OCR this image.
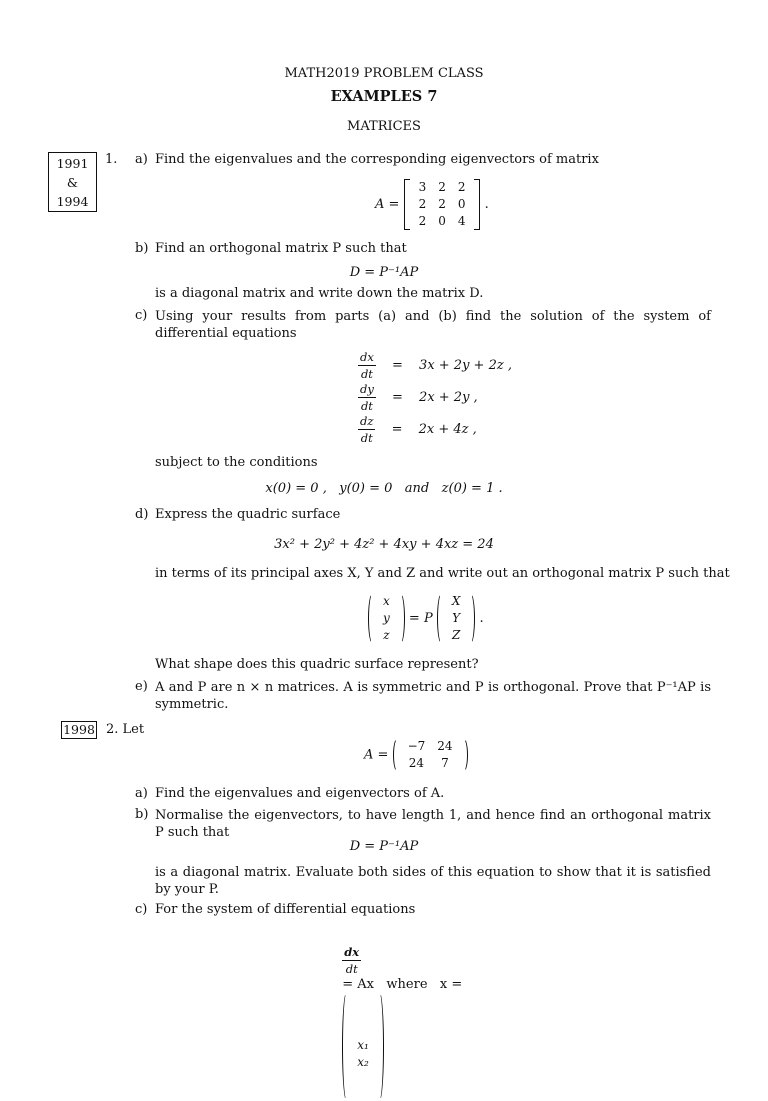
MATH2019 PROBLEM CLASS
EXAMPLES 7
MATRICES
1991
&
1994
1. a) Find the eigenvalues and the corresponding eigenvectors of matrix
A =
3	2	2
2	2	0
2	0	4
.
b) Find an orthogonal matrix P such that
D = P⁻¹AP
is a diagonal matrix and write down the matrix D.
c) Using your results from parts (a) and (b) find the solution of the system of differential equations
$\frac{dx}{dt} = 3x + 2y + 2z$ ,
$\frac{dy}{dt} = 2x + 2y$ ,
$\frac{dz}{dt} = 2x + 4z$ ,
subject to the conditions
x(0) = 0 ,   y(0) = 0   and   z(0) = 1 .
d) Express the quadric surface
3x² + 2y² + 4z² + 4xy + 4xz = 24
in terms of its principal axes X, Y and Z and write out an orthogonal matrix P such that
x
y
z
= P
X
Y
Z
.
What shape does this quadric surface represent?
e) A and P are n × n matrices. A is symmetric and P is orthogonal. Prove that P⁻¹AP is symmetric.
1998 2. Let
A =
−7	24
24	7
a) Find the eigenvalues and eigenvectors of A.
b) Normalise the eigenvectors, to have length 1, and hence find an orthogonal matrix P such that
D = P⁻¹AP
is a diagonal matrix. Evaluate both sides of this equation to show that it is satisfied by your P.
c) For the system of differential equations

$\frac{dx}{dt}$

= Ax   where   x =

x₁
x₂
